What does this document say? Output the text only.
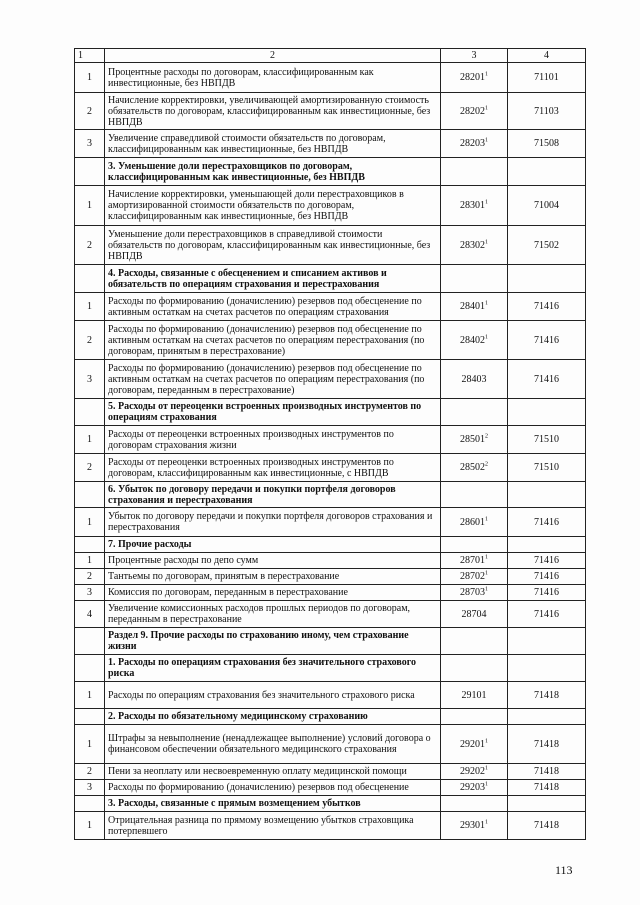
1	2	3	4
1	Процентные расходы по договорам, классифицированным как инвестиционные, без НВПДВ	28201$^1$	71101
2	Начисление корректировки, увеличивающей амортизированную стоимость обязательств по договорам, классифицированным как инвестиционные, без НВПДВ	28202$^1$	71103
3	Увеличение справедливой стоимости обязательств по договорам, классифицированным как инвестиционные, без НВПДВ	28203$^1$	71508
	3. Уменьшение доли перестраховщиков по договорам, классифицированным как инвестиционные, без НВПДВ		
1	Начисление корректировки, уменьшающей доли перестраховщиков в амортизированной стоимости обязательств по договорам, классифицированным как инвестиционные, без НВПДВ	28301$^1$	71004
2	Уменьшение доли перестраховщиков в справедливой стоимости обязательств по договорам, классифицированным как инвестиционные, без НВПДВ	28302$^1$	71502
	4. Расходы, связанные с обесценением и списанием активов и обязательств по операциям страхования и перестрахования		
1	Расходы по формированию (доначислению) резервов под обесценение по активным остаткам на счетах расчетов по операциям страхования	28401$^1$	71416
2	Расходы по формированию (доначислению) резервов под обесценение по активным остаткам на счетах расчетов по операциям перестрахования (по договорам, принятым в перестрахование)	28402$^1$	71416
3	Расходы по формированию (доначислению) резервов под обесценение по активным остаткам на счетах расчетов по операциям перестрахования (по договорам, переданным в перестрахование)	28403	71416
	5. Расходы от переоценки встроенных производных инструментов по операциям страхования		
1	Расходы от переоценки встроенных производных инструментов по договорам страхования жизни	28501$^2$	71510
2	Расходы от переоценки встроенных производных инструментов по договорам, классифицированным как инвестиционные, с НВПДВ	28502$^2$	71510
	6. Убыток по договору передачи и покупки портфеля договоров страхования и перестрахования		
1	Убыток по договору передачи и покупки портфеля договоров страхования и перестрахования	28601$^1$	71416
	7. Прочие расходы		
1	Процентные расходы по депо сумм	28701$^1$	71416
2	Тантьемы по договорам, принятым в перестрахование	28702$^1$	71416
3	Комиссия по договорам, переданным в перестрахование	28703$^1$	71416
4	Увеличение комиссионных расходов прошлых периодов по договорам, переданным в перестрахование	28704	71416
	Раздел 9. Прочие расходы по страхованию иному, чем страхование жизни		
	1. Расходы по операциям страхования без значительного страхового риска		
1	Расходы по операциям страхования без значительного страхового риска	29101	71418
	2. Расходы по обязательному медицинскому страхованию		
1	Штрафы за невыполнение (ненадлежащее выполнение) условий договора о финансовом обеспечении обязательного медицинского страхования	29201$^1$	71418
2	Пени за неоплату или несвоевременную оплату медицинской помощи	29202$^1$	71418
3	Расходы по формированию (доначислению) резервов под обесценение	29203$^1$	71418
	3. Расходы, связанные с прямым возмещением убытков		
1	Отрицательная разница по прямому возмещению убытков страховщика потерпевшего	29301$^1$	71418
113
